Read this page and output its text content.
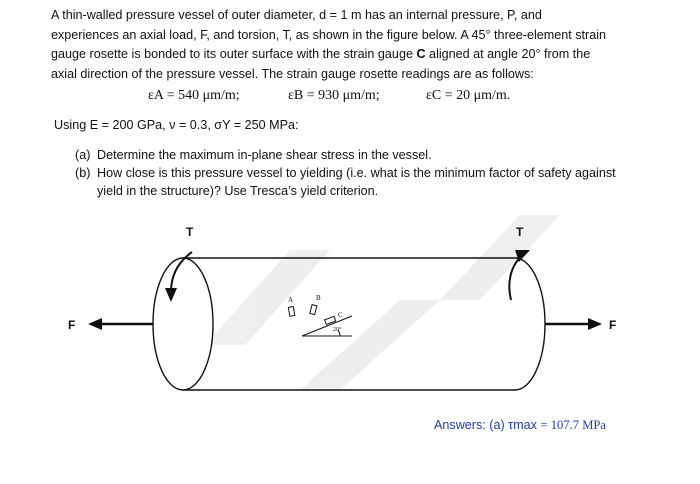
A thin-walled pressure vessel of outer diameter, d = 1 m has an internal pressure, P, and
experiences an axial load, F, and torsion, T, as shown in the figure below. A 45° three-element strain
gauge rosette is bonded to its outer surface with the strain gauge C aligned at angle 20° from the
axial direction of the pressure vessel. The strain gauge rosette readings are as follows:
εA = 540 μm/m;	εB = 930 μm/m;	εC = 20 μm/m.
Using E = 200 GPa, ν = 0.3, σY = 250 MPa:
(a) Determine the maximum in-plane shear stress in the vessel.
(b) How close is this pressure vessel to yielding (i.e. what is the minimum factor of safety against yield in the structure)? Use Tresca’s yield criterion.
T	T
F	F
A	B
C
20°
Answers: (a) τmax = 107.7 MPa
